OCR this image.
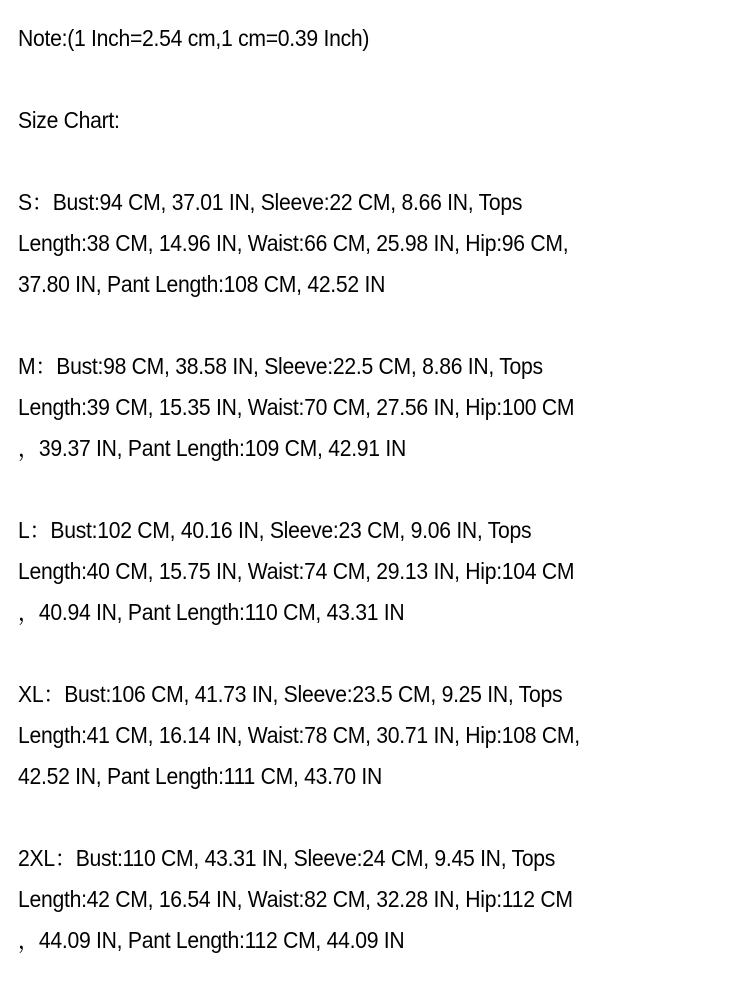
Note:(1 Inch=2.54 cm,1 cm=0.39 Inch)
Size Chart:
S：Bust:94 CM, 37.01 IN, Sleeve:22 CM, 8.66 IN, Tops
Length:38 CM, 14.96 IN, Waist:66 CM, 25.98 IN, Hip:96 CM,
37.80 IN, Pant Length:108 CM, 42.52 IN
M：Bust:98 CM, 38.58 IN, Sleeve:22.5 CM, 8.86 IN, Tops
Length:39 CM, 15.35 IN, Waist:70 CM, 27.56 IN, Hip:100 CM
，39.37 IN, Pant Length:109 CM, 42.91 IN
L：Bust:102 CM, 40.16 IN, Sleeve:23 CM, 9.06 IN, Tops
Length:40 CM, 15.75 IN, Waist:74 CM, 29.13 IN, Hip:104 CM
，40.94 IN, Pant Length:110 CM, 43.31 IN
XL：Bust:106 CM, 41.73 IN, Sleeve:23.5 CM, 9.25 IN, Tops
Length:41 CM, 16.14 IN, Waist:78 CM, 30.71 IN, Hip:108 CM,
42.52 IN, Pant Length:111 CM, 43.70 IN
2XL：Bust:110 CM, 43.31 IN, Sleeve:24 CM, 9.45 IN, Tops
Length:42 CM, 16.54 IN, Waist:82 CM, 32.28 IN, Hip:112 CM
，44.09 IN, Pant Length:112 CM, 44.09 IN
